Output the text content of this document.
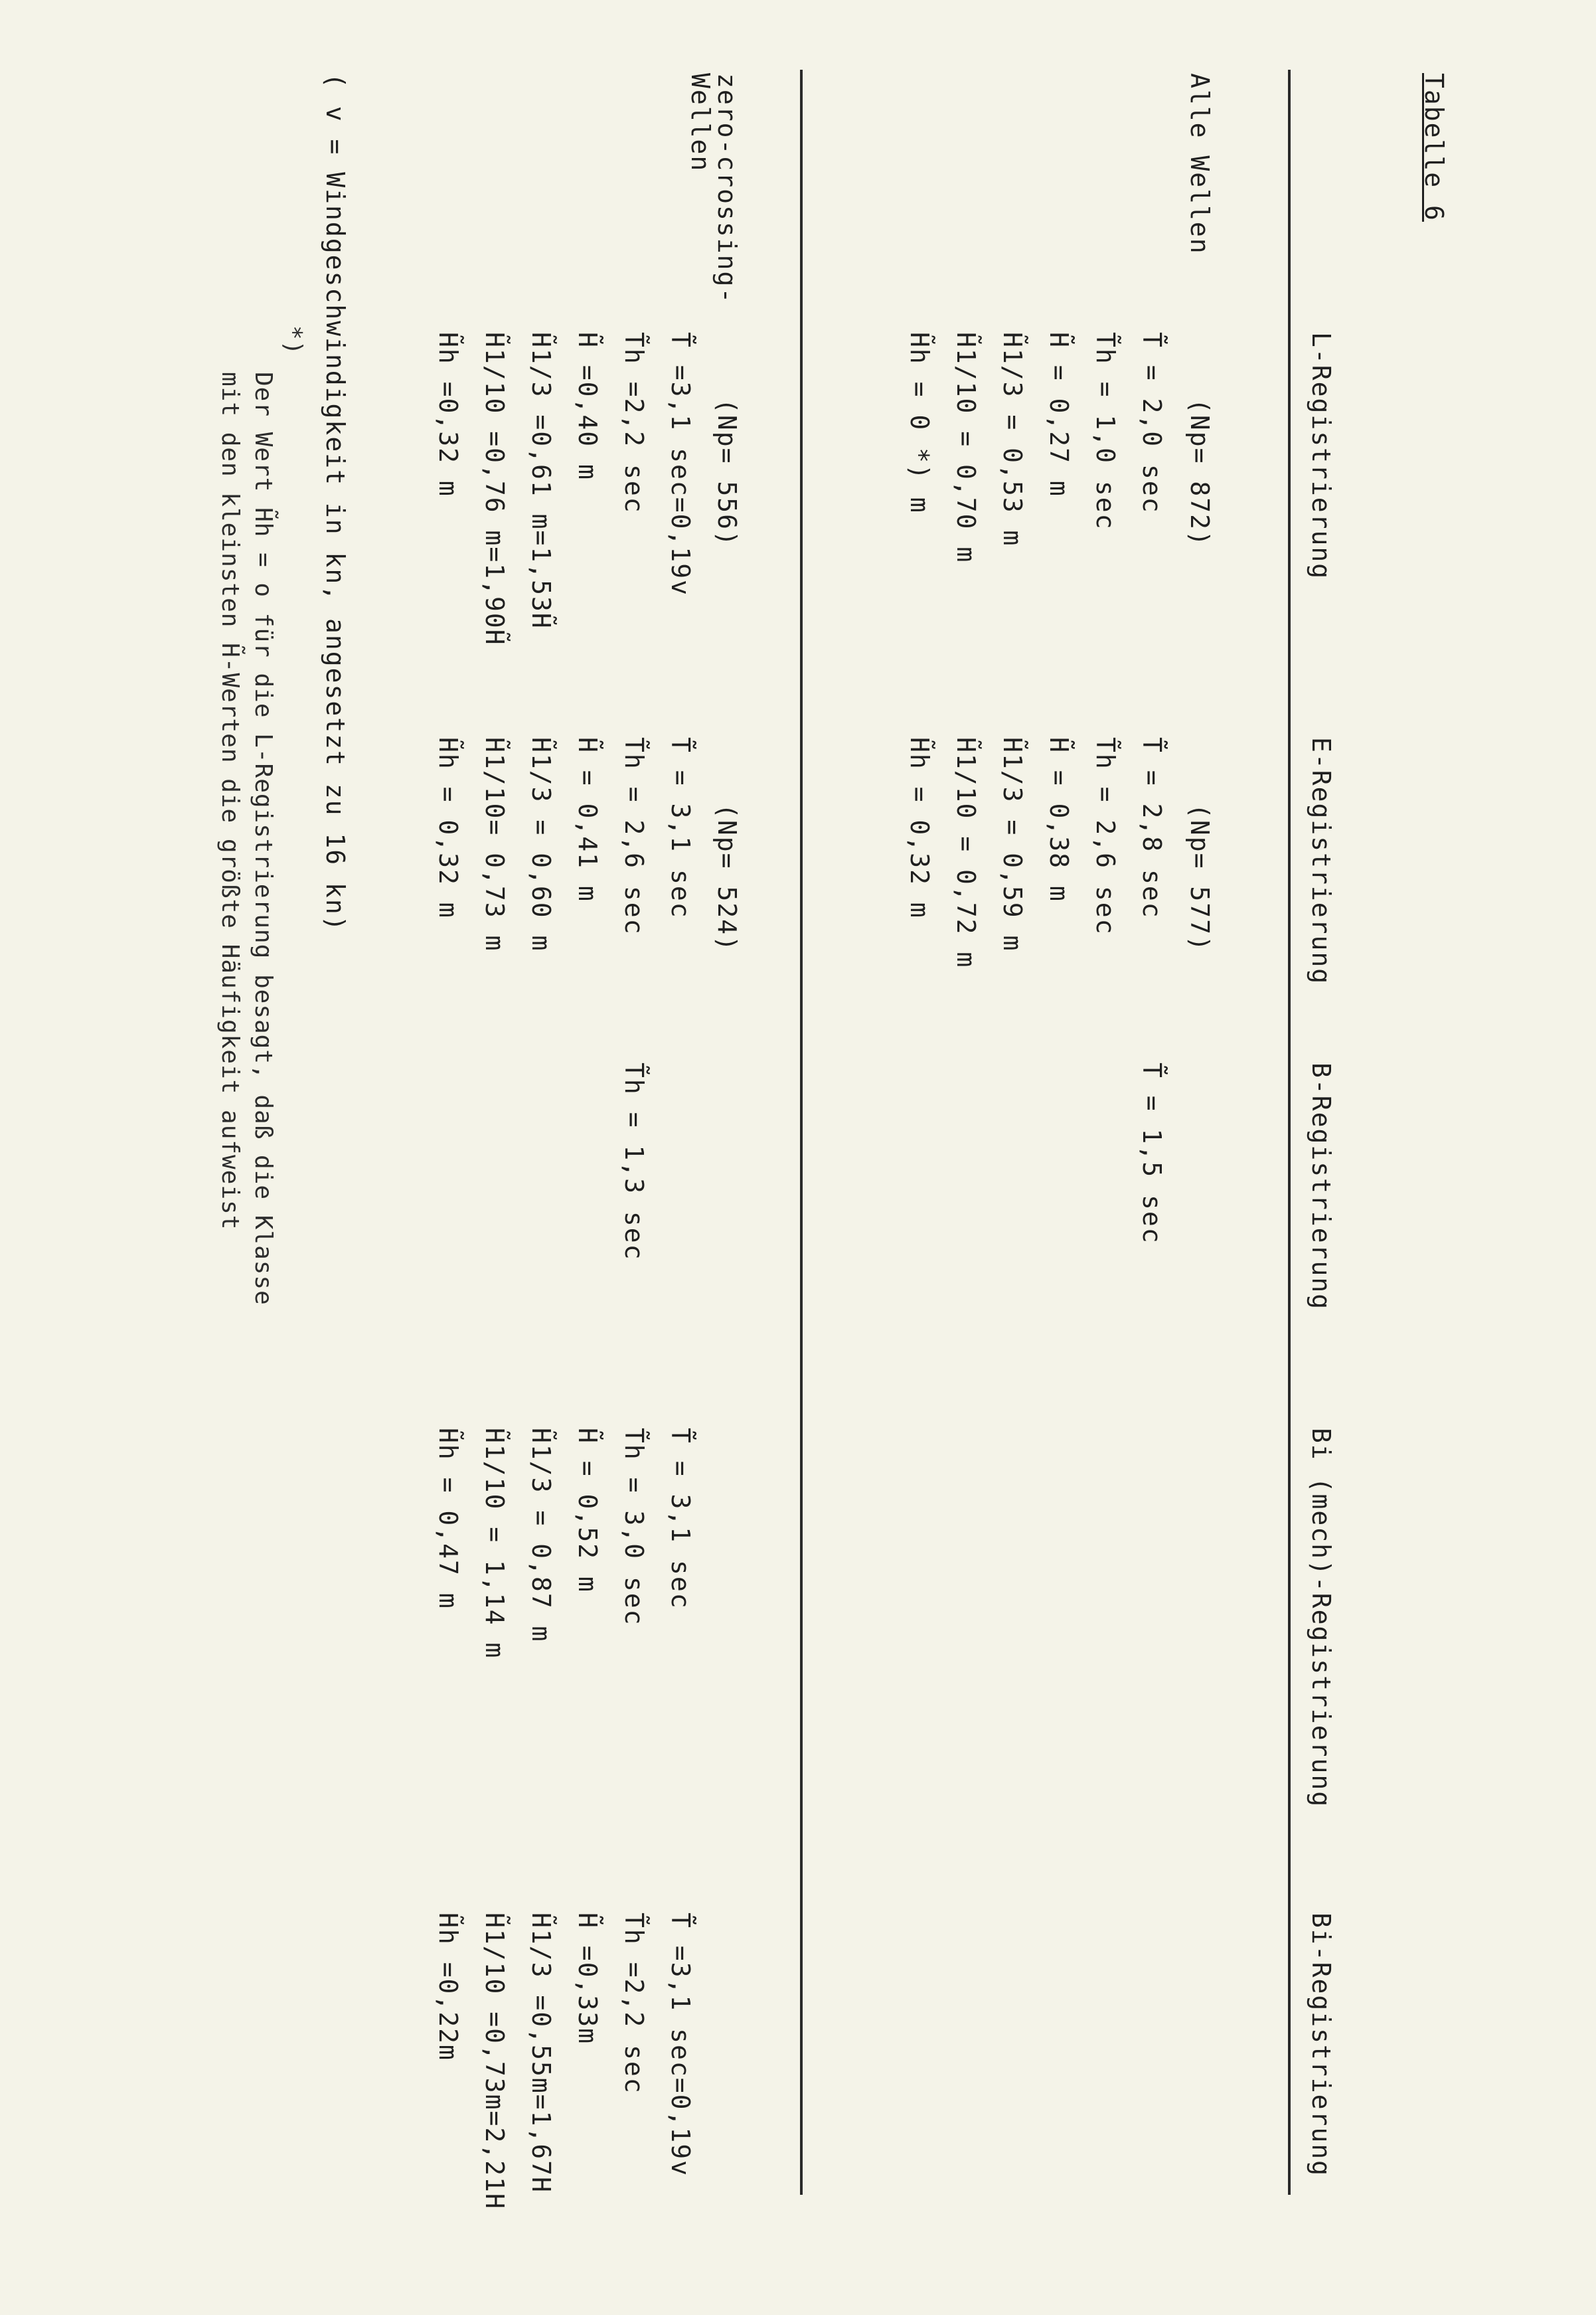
Tabelle 6
L-Registrierung
E-Registrierung
B-Registrierung
Bi (mech)-Registrierung
Bi-Registrierung
Alle Wellen
(Np= 872)
T̃̃ = 2,0 sec
T̃h = 1,0 sec
H̃̃ = 0,27 m
H̃1/3 = 0,53 m
H̃1/10 = 0,70 m
H̃h = 0 *) m
(Np= 577)
T̃̃ = 2,8 sec
T̃h = 2,6 sec
H̃̃ = 0,38 m
H̃1/3 = 0,59 m
H̃1/10 = 0,72 m
H̃h = 0,32 m
T̃̃ = 1,5 sec
zero-crossing-
Wellen
(Np= 556)
T̃̃ =3,1 sec=0,19v
T̃h =2,2 sec
H̃̃ =0,40 m
H̃1/3 =0,61 m=1,53H̃
H̃1/10 =0,76 m=1,90H̃
H̃h =0,32 m
(Np= 524)
T̃̃ = 3,1 sec
T̃h = 2,6 sec
H̃̃ = 0,41 m
H̃1/3 = 0,60 m
H̃1/10= 0,73 m
H̃h = 0,32 m
T̃h = 1,3 sec
T̃̃ = 3,1 sec
T̃h = 3,0 sec
H̃̃ = 0,52 m
H̃1/3 = 0,87 m
H̃1/10 = 1,14 m
H̃h = 0,47 m
T̃̃ =3,1 sec=0,19v
T̃h =2,2 sec
H̃̃ =0,33m
H̃1/3 =0,55m=1,67H
H̃1/10 =0,73m=2,21H
H̃h =0,22m
( v = Windgeschwindigkeit in kn, angesetzt zu 16 kn)
*)
Der Wert H̃h = o für die L-Registrierung besagt, daß die Klasse
mit den kleinsten H̃-Werten die größte Häufigkeit aufweist
